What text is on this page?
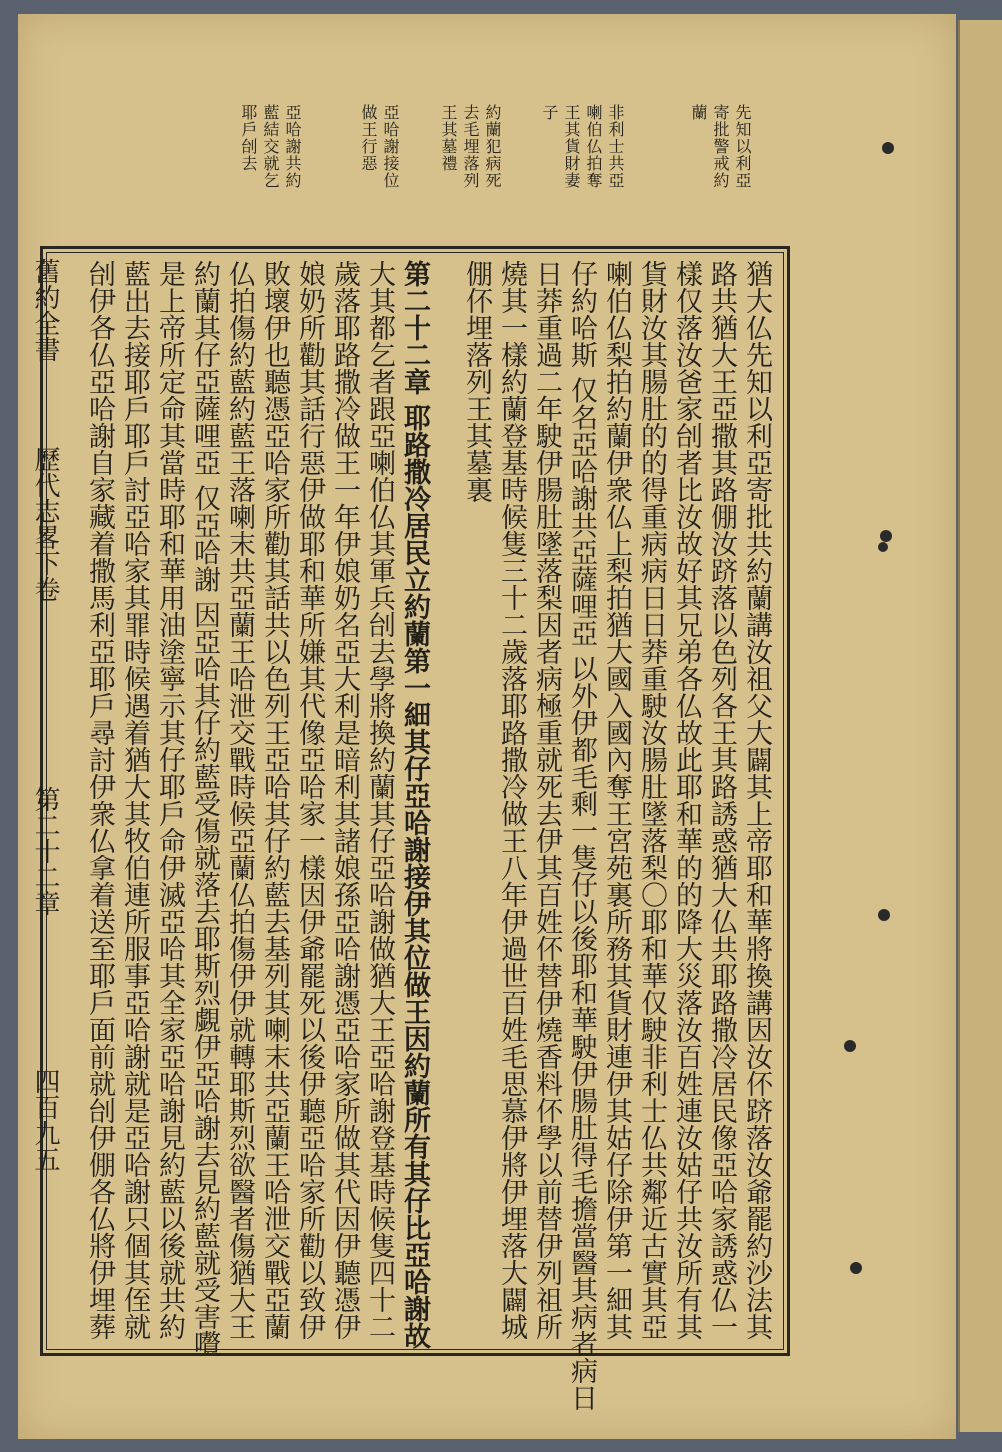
先知以利亞
寄批警戒約
蘭
非利士共亞
喇伯仏拍奪
王其貨財妻
子
約蘭犯病死
去毛埋落列
王其墓禮
亞哈謝接位
做王行惡
亞哈謝共約
藍結交就乞
耶戶刣去
猶大仏先知以利亞寄批共約蘭講汝祖父大闢其上帝耶和華將換講因汝伓跻落汝爺罷約沙法其
路共猶大王亞撒其路倗汝跻落以色列各王其路誘惑猶大仏共耶路撒冷居民像亞哈家誘惑仏一
樣仅落汝爸家刣者比汝故好其兄弟各仏故此耶和華的的降大災落汝百姓連汝姑仔共汝所有其
貨財汝其腸肚的的得重病病日日莽重駛汝腸肚墜落梨〇耶和華仅駛非利士仏共鄰近古實其亞
喇伯仏梨拍約蘭伊衆仏上梨拍猶大國入國內奪王宮苑裏所務其貨財連伊其姑仔除伊第一細其
仔約哈斯 仅名亞哈謝共亞薩哩亞 以外伊都毛剩一隻仔以後耶和華駛伊腸肚得毛擔當醫其病者病日
日莽重過二年駛伊腸肚墜落梨因者病極重就死去伊其百姓伓替伊燒香料伓學以前替伊列祖所
燒其一樣約蘭登基時候隻三十二歲落耶路撒冷做王八年伊過世百姓毛思慕伊將伊埋落大闢城
倗伓埋落列王其墓裏
第二十二章 耶路撒冷居民立約蘭第一細其仔亞哈謝接伊其位做王因約蘭所有其仔比亞哈謝故
大其都乞者跟亞喇伯仏其軍兵刣去學將換約蘭其仔亞哈謝做猶大王亞哈謝登基時候隻四十二
歲落耶路撒冷做王一年伊娘奶名亞大利是暗利其諸娘孫亞哈謝憑亞哈家所做其代因伊聽憑伊
娘奶所勸其話行惡伊做耶和華所嫌其代像亞哈家一樣因伊爺罷死以後伊聽亞哈家所勸以致伊
敗壞伊也聽憑亞哈家所勸其話共以色列王亞哈其仔約藍去基列其喇末共亞蘭王哈泄交戰亞蘭
仏拍傷約藍約藍王落喇末共亞蘭王哈泄交戰時候亞蘭仏拍傷伊伊就轉耶斯烈欲醫者傷猶大王
約蘭其仔亞薩哩亞 仅亞哈謝 因亞哈其仔約藍受傷就落去耶斯烈覷伊亞哈謝去見約藍就受害嚽
是上帝所定命其當時耶和華用油塗寧示其仔耶戶命伊滅亞哈其全家亞哈謝見約藍以後就共約
藍出去接耶戶耶戶討亞哈家其罪時候遇着猶大其牧伯連所服事亞哈謝就是亞哈謝只個其侄就
刣伊各仏亞哈謝自家藏着撒馬利亞耶戶尋討伊衆仏拿着送至耶戶面前就刣伊倗各仏將伊埋葬
舊約全書
歷代志畧下卷
第二十二章
四百九五
